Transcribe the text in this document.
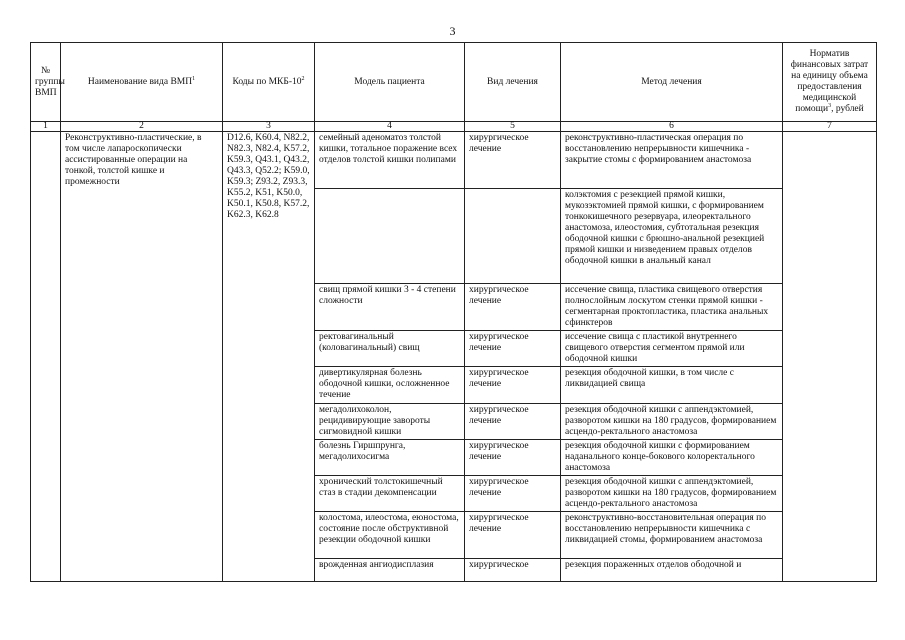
3
№ группы ВМП	Наименование вида ВМП$^1$	Коды по МКБ-$10^2$	Модель пациента	Вид лечения	Метод лечения	Норматив финансовых затрат на единицу объема предоставления медицинской помощи$^3$, рублей
1	2	3	4	5	6	7
	Реконструктивно-пластические, в том числе лапароскопически ассистированные операции на тонкой, толстой кишке и промежности	D12.6, K60.4, N82.2, N82.3, N82.4, K57.2, K59.3, Q43.1, Q43.2, Q43.3, Q52.2; K59.0, K59.3; Z93.2, Z93.3, K55.2, K51, K50.0, K50.1, K50.8, K57.2, K62.3, K62.8	семейный аденоматоз толстой кишки, тотальное поражение всех отделов толстой кишки полипами	хирургическое лечение	реконструктивно-пластическая операция по восстановлению непрерывности кишечника - закрытие стомы с формированием анастомоза	
					колэктомия с резекцией прямой кишки, мукозэктомией прямой кишки, с формированием тонкокишечного резервуара, илеоректального анастомоза, илеостомия, субтотальная резекция ободочной кишки с брюшно-анальной резекцией прямой кишки и низведением правых отделов ободочной кишки в анальный канал	
			свищ прямой кишки 3 - 4 степени сложности	хирургическое лечение	иссечение свища, пластика свищевого отверстия полнослойным лоскутом стенки прямой кишки - сегментарная проктопластика, пластика анальных сфинктеров	
			ректовагинальный (коловагинальный) свищ	хирургическое лечение	иссечение свища с пластикой внутреннего свищевого отверстия сегментом прямой или ободочной кишки	
			дивертикулярная болезнь ободочной кишки, осложненное течение	хирургическое лечение	резекция ободочной кишки, в том числе с ликвидацией свища	
			мегадолихоколон, рецидивирующие завороты сигмовидной кишки	хирургическое лечение	резекция ободочной кишки с аппендэктомией, разворотом кишки на 180 градусов, формированием асцендо-ректального анастомоза	
			болезнь Гиршпрунга, мегадолихосигма	хирургическое лечение	резекция ободочной кишки с формированием наданального конце-бокового колоректального анастомоза	
			хронический толстокишечный стаз в стадии декомпенсации	хирургическое лечение	резекция ободочной кишки с аппендэктомией, разворотом кишки на 180 градусов, формированием асцендо-ректального анастомоза	
			колостома, илеостома, еюностома, состояние после обструктивной резекции ободочной кишки	хирургическое лечение	реконструктивно-восстановительная операция по восстановлению непрерывности кишечника с ликвидацией стомы, формированием анастомоза	
			врожденная ангиодисплазия	хирургическое	резекция пораженных отделов ободочной и	
